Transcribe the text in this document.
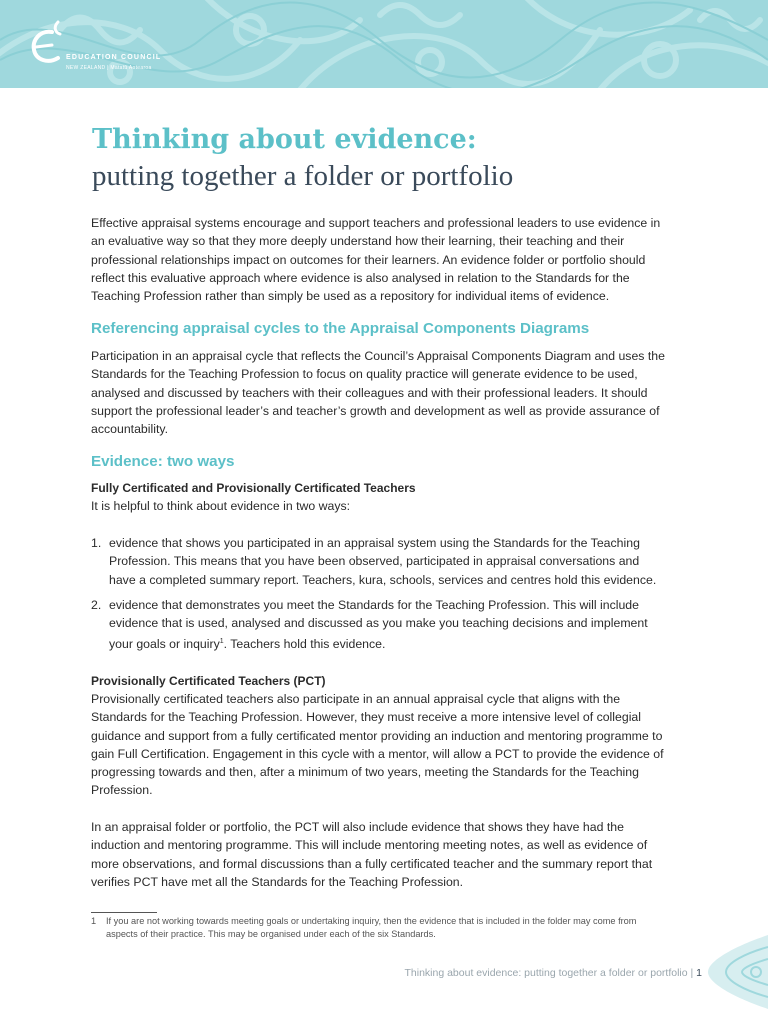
EDUCATION COUNCIL
NEW ZEALAND | Matatū Aotearoa
Thinking about evidence:
putting together a folder or portfolio
Effective appraisal systems encourage and support teachers and professional leaders to use evidence in an evaluative way so that they more deeply understand how their learning, their teaching and their professional relationships impact on outcomes for their learners. An evidence folder or portfolio should reflect this evaluative approach where evidence is also analysed in relation to the Standards for the Teaching Profession rather than simply be used as a repository for individual items of evidence.
Referencing appraisal cycles to the Appraisal Components Diagrams
Participation in an appraisal cycle that reflects the Council’s Appraisal Components Diagram and uses the Standards for the Teaching Profession to focus on quality practice will generate evidence to be used, analysed and discussed by teachers with their colleagues and with their professional leaders. It should support the professional leader’s and teacher’s growth and development as well as provide assurance of accountability.
Evidence: two ways
Fully Certificated and Provisionally Certificated Teachers
It is helpful to think about evidence in two ways:
1. evidence that shows you participated in an appraisal system using the Standards for the Teaching Profession. This means that you have been observed, participated in appraisal conversations and have a completed summary report. Teachers, kura, schools, services and centres hold this evidence.
2. evidence that demonstrates you meet the Standards for the Teaching Profession. This will include evidence that is used, analysed and discussed as you make you teaching decisions and implement your goals or inquiry$^1$. Teachers hold this evidence.
Provisionally Certificated Teachers (PCT)
Provisionally certificated teachers also participate in an annual appraisal cycle that aligns with the Standards for the Teaching Profession. However, they must receive a more intensive level of collegial guidance and support from a fully certificated mentor providing an induction and mentoring programme to gain Full Certification. Engagement in this cycle with a mentor, will allow a PCT to provide the evidence of progressing towards and then, after a minimum of two years, meeting the Standards for the Teaching Profession.
In an appraisal folder or portfolio, the PCT will also include evidence that shows they have had the induction and mentoring programme. This will include mentoring meeting notes, as well as evidence of more observations, and formal discussions than a fully certificated teacher and the summary report that verifies PCT have met all the Standards for the Teaching Profession.
1 If you are not working towards meeting goals or undertaking inquiry, then the evidence that is included in the folder may come from aspects of their practice. This may be organised under each of the six Standards.
Thinking about evidence: putting together a folder or portfolio | 1
